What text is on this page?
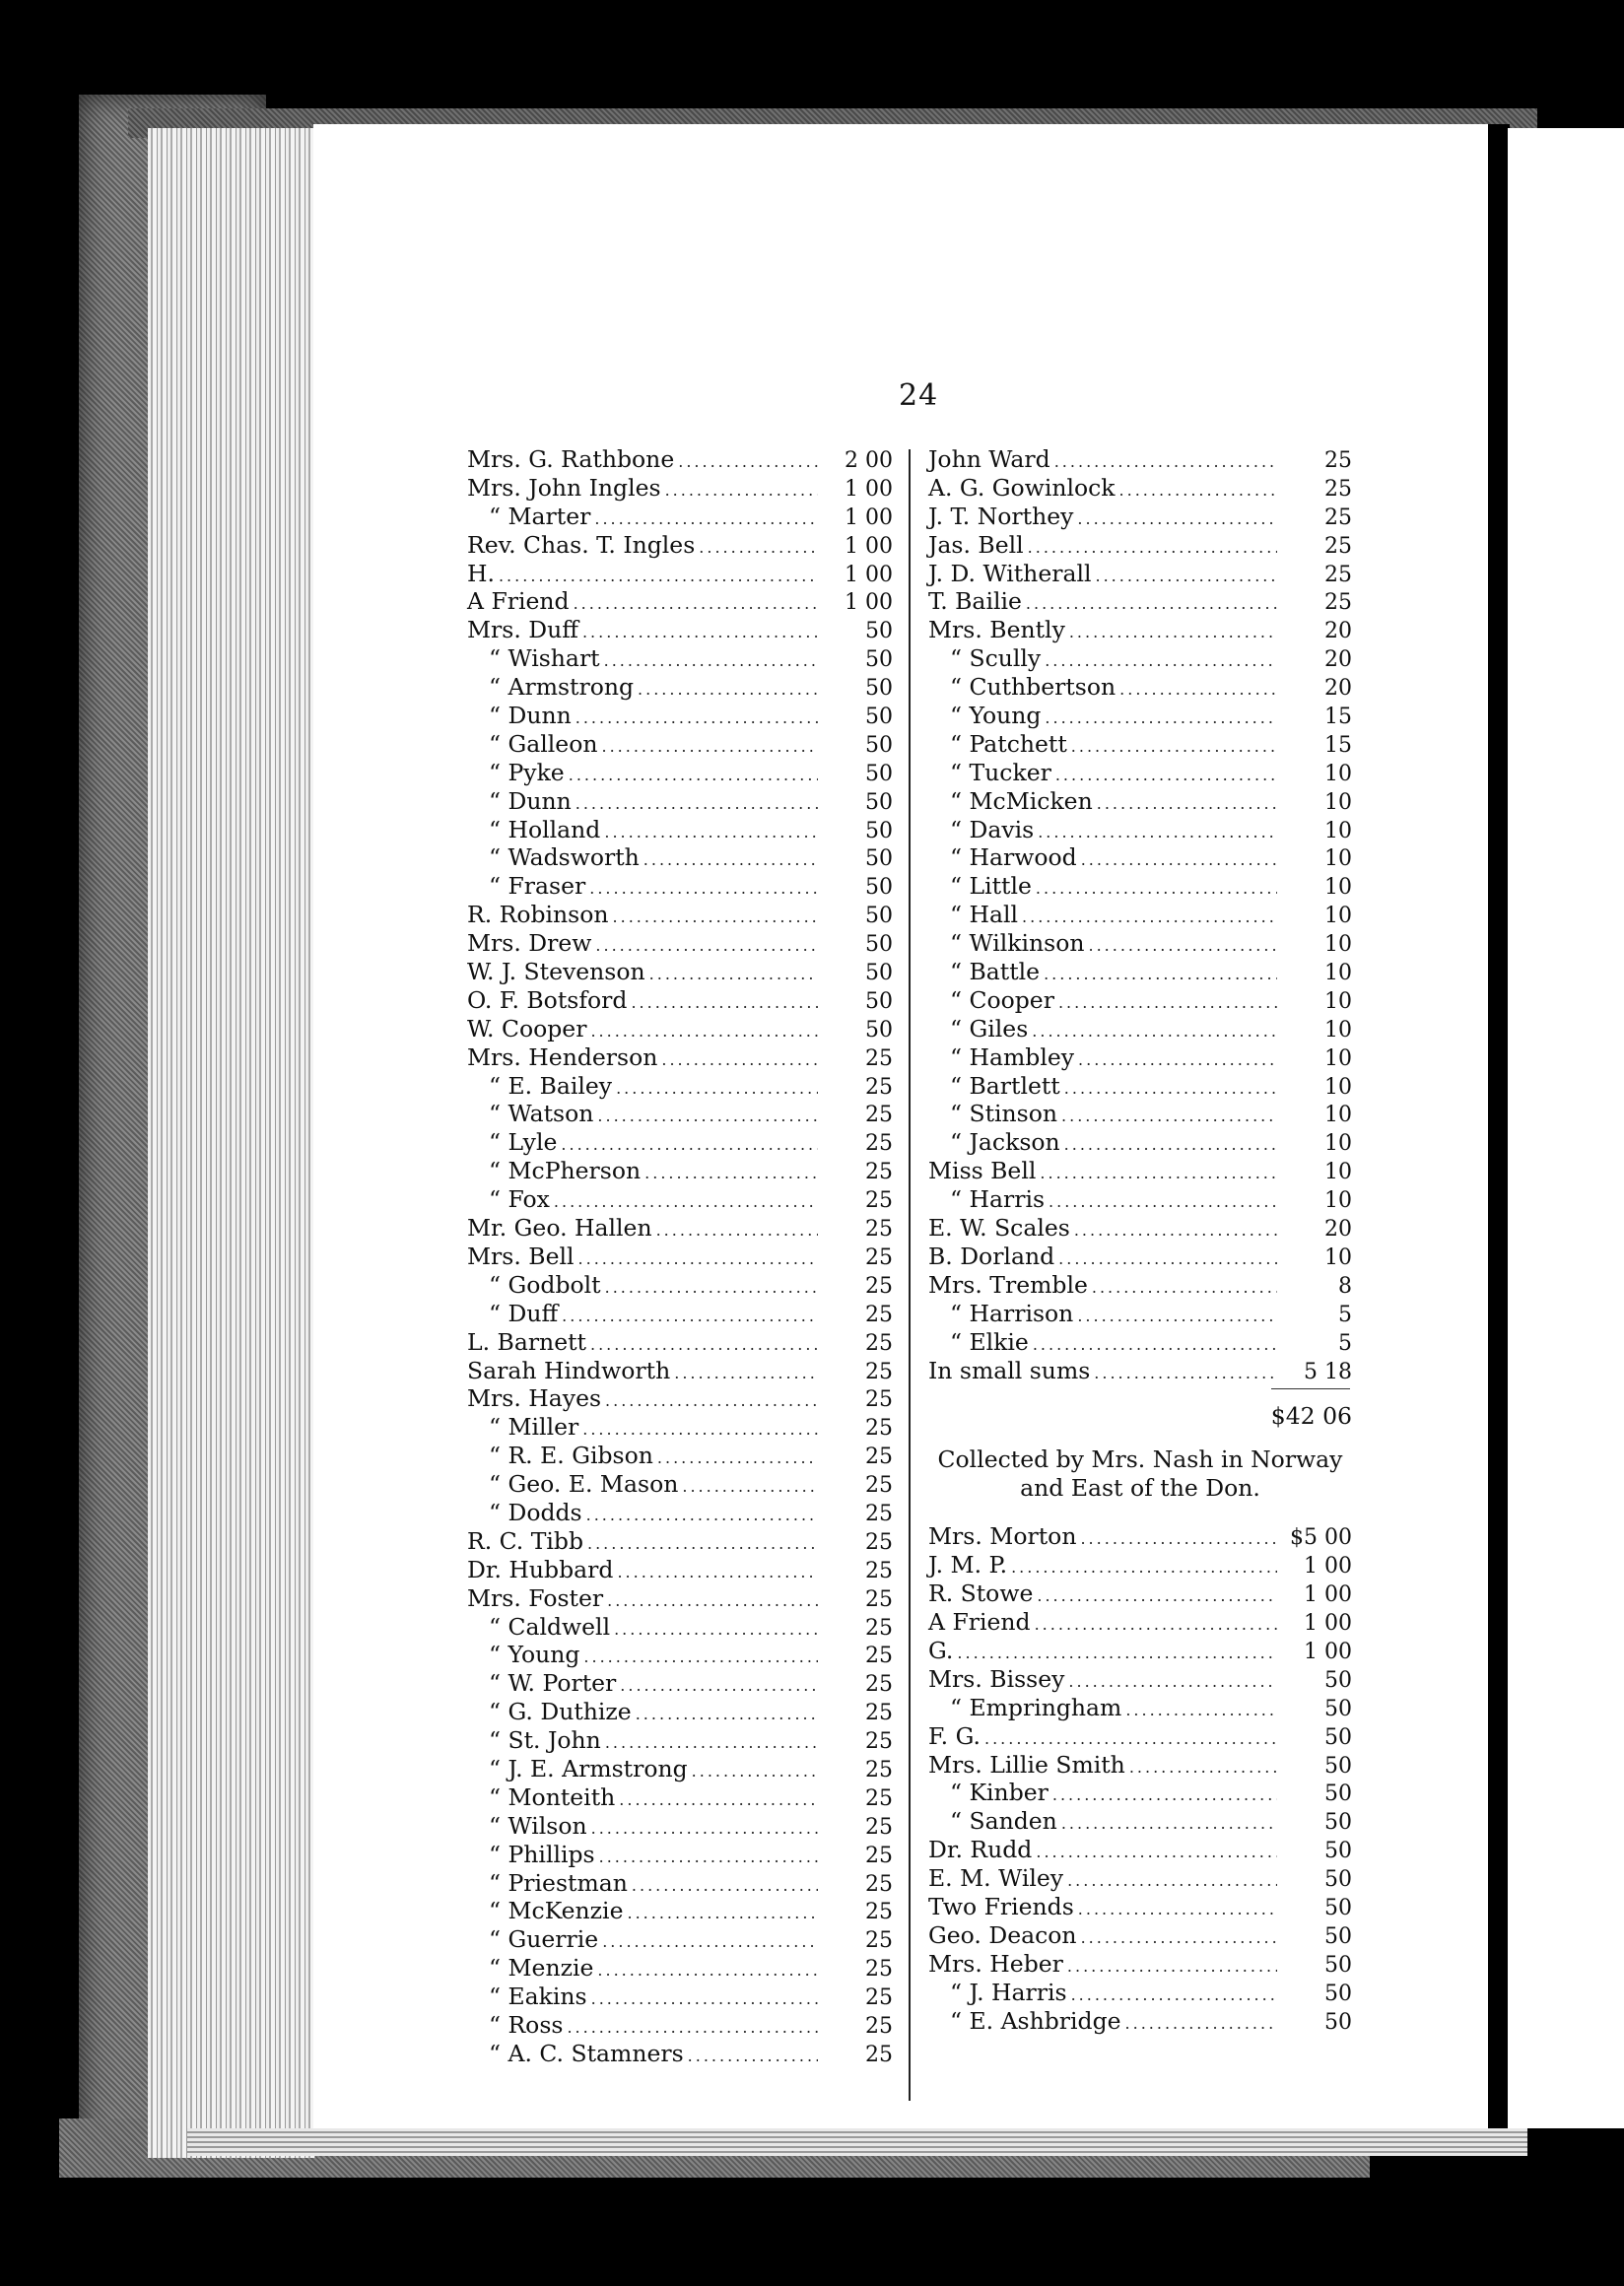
24
Mrs. G. Rathbone .....	2 00
Mrs. John Ingles .....	1 00
“ Marter .....	1 00
Rev. Chas. T. Ingles .....	1 00
H. .....	1 00
A Friend .....	1 00
Mrs. Duff .....	50
“ Wishart .....	50
“ Armstrong .....	50
“ Dunn .....	50
“ Galleon .....	50
“ Pyke .....	50
“ Dunn .....	50
“ Holland .....	50
“ Wadsworth .....	50
“ Fraser .....	50
R. Robinson .....	50
Mrs. Drew .....	50
W. J. Stevenson .....	50
O. F. Botsford .....	50
W. Cooper .....	50
Mrs. Henderson .....	25
“ E. Bailey .....	25
“ Watson .....	25
“ Lyle .....	25
“ McPherson .....	25
“ Fox .....	25
Mr. Geo. Hallen .....	25
Mrs. Bell .....	25
“ Godbolt .....	25
“ Duff .....	25
L. Barnett .....	25
Sarah Hindworth .....	25
Mrs. Hayes .....	25
“ Miller .....	25
“ R. E. Gibson .....	25
“ Geo. E. Mason .....	25
“ Dodds .....	25
R. C. Tibb .....	25
Dr. Hubbard .....	25
Mrs. Foster .....	25
“ Caldwell .....	25
“ Young .....	25
“ W. Porter .....	25
“ G. Duthize .....	25
“ St. John .....	25
“ J. E. Armstrong .....	25
“ Monteith .....	25
“ Wilson .....	25
“ Phillips .....	25
“ Priestman .....	25
“ McKenzie .....	25
“ Guerrie .....	25
“ Menzie .....	25
“ Eakins .....	25
“ Ross .....	25
“ A. C. Stamners .....	25
John Ward .....	25
A. G. Gowinlock .....	25
J. T. Northey .....	25
Jas. Bell .....	25
J. D. Witherall .....	25
T. Bailie .....	25
Mrs. Bently .....	20
“ Scully .....	20
“ Cuthbertson .....	20
“ Young .....	15
“ Patchett .....	15
“ Tucker .....	10
“ McMicken .....	10
“ Davis .....	10
“ Harwood .....	10
“ Little .....	10
“ Hall .....	10
“ Wilkinson .....	10
“ Battle .....	10
“ Cooper .....	10
“ Giles .....	10
“ Hambley .....	10
“ Bartlett .....	10
“ Stinson .....	10
“ Jackson .....	10
Miss Bell .....	10
“ Harris .....	10
E. W. Scales .....	20
B. Dorland .....	10
Mrs. Tremble .....	8
“ Harrison .....	5
“ Elkie .....	5
In small sums .....	5 18
$42 06
Collected by Mrs. Nash in Norway
and East of the Don.
Mrs. Morton .....	$5 00
J. M. P. .....	1 00
R. Stowe .....	1 00
A Friend .....	1 00
G. .....	1 00
Mrs. Bissey .....	50
“ Empringham .....	50
F. G. .....	50
Mrs. Lillie Smith .....	50
“ Kinber .....	50
“ Sanden .....	50
Dr. Rudd .....	50
E. M. Wiley .....	50
Two Friends .....	50
Geo. Deacon .....	50
Mrs. Heber .....	50
“ J. Harris .....	50
“ E. Ashbridge .....	50
